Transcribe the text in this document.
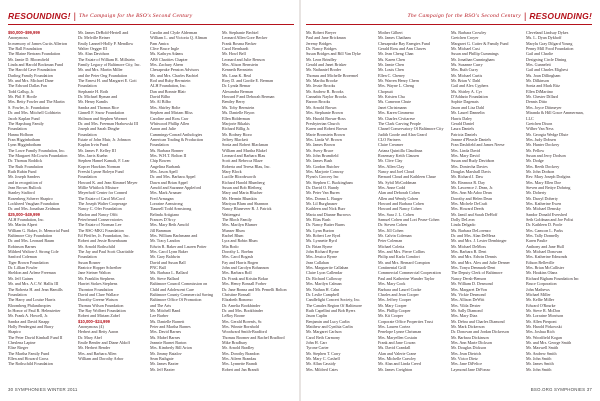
RESOUNDING! | The Campaign for the BSO's Second Century	The Campaign for the BSO's Second Century | RESOUNDING!
$50,000–$99,999
Anonymous
In memory of James Curtis Allerton
The Ball Foundation
The Blaine Bertram Foundation
Mr. Jamie D. Bloomfield
Linda and Harold Bockman Fund
The Harold Cave Foundation
Darling Family Foundation
Mr. and Mrs. Michael Dane
The Edward Dallas Fan
Todd Gallup, Jr.
Mr. Phil F. Horile
Mrs. Betty Fowler and The Martin
S. Fowler, Jr. Foundation
Dr. and Mrs. Mitchell Goldstein
Jacob Kaplan Fund
The Hapsburg Family
Foundation
Hanna Holborn
Fran Higginbotham
Lynn Higginbotham
The Lowe Family Foundation, Inc.
The Margaret McCowin Foundation
Dr. Thomas Roddick
The Ruth Foundation
Ruth Rubin Fund
Mr. Joseph Sanders
and in recognition of
Jean Brown Bullock
Stanley Stafford
Rosenberg Scherer Shapiro
Lockheed Vaughan Foundation
Dr. and Mrs. Jonathan Zeidman
$25,000–$49,999
ALH Foundation, Inc.
Mr. Martin Alpert
William G. Baker, Jr. Memorial Fund
Baltimore City Foundation
Dr. and Mrs. Leonard Baum
Robinson Barnes
Mildred Walton-J. Strong Cole
Sanford Coleman
Tiger Brown Foundation
Dr. Lillian Fowler
Sheldon and Arlene Freeman
Mr. Jeff Gaines
Mr. and Mrs. A.C.W. Hallis III
The Roberta H. and Jean Hamills
Foundation
The Harry and Louise Harris
Bloomberg Philanthropies
In Honor of Paul R. Helmstetter
Mr. Frank A. Howell, Jr.
Sandra and David Knapp
Holly Pendergast and Barry
Shapiro
The Peter David Kimball Fund II
Cheslena Lapine
Elise Rieger
The Martha Family Fund
Ellen and Howard Gross
The Rothschild Foundation
Mr. James DeBold-Hertell and
Dr. Melville Reiner
Emily Lanneff-Holly P. Mendlow
Walter Oegger III
Mr. Alan Davidson
The Estate of William R. Millstein
Family Legacy of Baltimore City, Inc.
Mr. and Mrs. Martin Miller
and the Peter Ong Foundation
The Ernest H. and Margaret E. Gott
Foundation
Stephanie H. Roth
Dr. Michael Ryman and
Mr. Henry Kamlis
Sandra and Thomas Rice
Ginnell F. Snow Foundation
Shilmon and Stephen Wormet
Dr. and Mrs. Freeman Hrabowski III
Joseph and Sarah Dinghe
Foundation
Estate of John Muir, Jr. Johnson
Kaplan Irvin Fund
Mr. James F. Kelley III
Mrs. Jarris Kuehn
Stephen Hamel Kamalt, F. Lear
Kopcer Hawkins Norman
Freeshi Lynne Boleyn Fund
Foundation
Howard K. and Jean Kimmel Meyer
Millie Whitlock Mixture
Meyerhoff Center for Conned
The Estate of Carol McCord
The Joseph Walter Cooperage
Nancy C. Ofer Foundation
Marlon and Nancy Offit
Peterfreund Conservatories
The Estate of Norman Lee
The RSC-MKG Foundation
Ed Pfeiffer, Jr. Foundation, Inc.
Robert and Jessie Rosenbaum
Mr. Arnold Rothschild
The Jay and Paul Scott Charitable
Foundation
Susan Rosner
Beatrice Hopper Schreiber
Jane Steiner Walton
Mr. Franklin Stephens
Harriet Stokes Stephens
Thornton Foundation
David and Clare Wallace
Dorothy Greene Watson
Thomas Wilson Foundation
The Ray Wolbert Foundation
Robert and Miriam Zabel
$10,000–$24,999
Anonymous (4)
Herbert and Betty Aaron
Dr. Mary Abel
Emile Bender and Diane Aldoff
Mr. Herbert Bender
Mrs. and Barbara Allen
William and Dorothy Arbor
Carolin and Clyde Alderman
William L. and Victoria Q. Altman
Pam Amira
Clive Bruce Ingle
Ms. Kathryn Adams
ABS Charities Chapter
Mrs. Zachary Ahern
Chesapeake Pension Advisors
Mr. and Mrs. Charles Bachtel
Rod and Ruby Bernstein
ALH Foundation, Inc.
Dan and Bonnie Blair
David Bilbo
Mr. Al Bilbo
Mrs. Shirley Bolte
Stephen and Miriam Bliss
Caroline and Ross Carr
Whitwood Phillip Allen
Aaron and Julie
Cummings-Conrad Anthologies
American Trading & Production
Foundation
Ms. Barbara Bonner
Mrs. W.H.T. Bolton II
Chip Bowen
Angelina Burbank
Mrs. Jason Apell
Dr. and Mrs. Barbara Appel
Dawn and Brian Appel
Arnold and Suzanne Appleford
Mrs. Mark Arnauer
Fred Armagan
Lorraine Armstrong
Tiaunell Todd Armstrong
Belinda Artigiano
Frances D'Arcy
Mrs. Mary Beth Arnold
Jill Bamman
Mrs. William Bachmann and
Mr. Tracy Landon
Edwin R. Baker and Lauren Potter
Mrs. Carol Lynn Baker
Mr. Gary Baldwin
David and Susan Ball
PNC Ball
Ms. Barbara L. Ballard
Mr. Steve Ballard
Baltimore Council Commission on
Child and Adolescent Care
Baltimore County Commercial Saving
Baltimore Office Of Promotion
and The Arts
Mr. Mitchell Band
Lee Barber
Ms. Danielle Barnett
Peter and Martha Barnes
Mrs. David Barnes
Ms. Mabel Barnes
Jeannie Barnet Barton
Mrs. Kimberly Bill Arton
Mr. Jimmy Batalov
Sean Bathgate
Mr. James Baxter
Mr. Jeff Baxter
Mr. Stephanie Bechtel
Leonard Allen Gore Becker
Frank Bosma Becker
Carol Bernhardt
Mr. Howl Bell
Leonard and Julie Benson
Mrs. Alison Bernstein
Kenneth Bernstein
Ms. Lana K. Beal
Rory D. and Gordie E. Berman
Dr. Lynda Bemar
Alexandra Berman
Howard P and Deborah Berman
Bentley Berry
Ms. Toby Bernstein
Ms. Danielle Bryon
Ellen Bidderman
Marjorie Bikakis
Richard Billig Jr.
Mr. Rodney Bioro
Jeffrey Blackett
Sonia and Robert Blackman
William and Martha Blakel
Leonard and Barbara Blau
Scott and Rebecca Blaze
Roberta and Teresa Blau, Inc.
Mary Block
Lucille Bloodsworth
Richard Harold Blumberg
Susan and Bob Bleiberg
Mary and Maria Blucher
Mr. Hermin Blumkin
Mariyau Blum and Shannon
Nancy Bluneveer R. J. Patrick
Wattengast
The Bloch Family
Mrs. Marilyn Blumer
Munser Blum
Rachel Blum
Lyra and Robin Blum
Mia Bodo
Dorothy L. Boehm
Mrs. Carol Bogash
Fay and Harris Bogen
John and Carolyn Bohannon
Mrs. Barbara Boll
Dr. Frank and Kristin Bokar
Mrs. Henry Bonsall Forber
Dr. Jane Bonna and Mr. Pemelli Bolton
Christine Bonsall
Elizabeth Bonomo
Dr. Amelia Bookbinder
Dr. and Mrs. Bookbinder
LeRoy Boone
Mrs. Gerald Borenfs, Sr.
Mrs. Winnie Bornhold
Woodward Smith-Bradford
Thomas Boomer and Rachel Bradford
Mike Bradbury
Mr. Arnold Bradley
Mrs. Dorothy Brandon
Mrs. Aileen Brandau
Mrs. Lynnette Brandt
Robert and Jan Brandt
Mr. Robert Breyer
Paul and Jane Brickman
Jeremy Bridges
Dr. Nancy Bridges
Susan Bridges and Bill Van Dyke
Mr. Leon Brindley
Gerald and Janet Brisker
Mr. Nathaniel Broder
Thomas and Michelle Broermel
Mr. Martha Brooke
Mr. Jessie Brooks
Mr. Andrew R. Brooks
Cannabis Naylor Brooks
Barron Brooks
Mr. Arnold Brown
Mrs. Stephanie Brown
Mr. Harold Brown-Ross
Presbyterian Church
Karen and Robert Brown
Marie Bronstein Brown
Mrs. Linda W. Brown
Mr. James Brown
Mr. Avery Bruce
Mr. John Brumfield
Mr. James Bush
Mr. Gordon Butcher
Mrs. Marjorie Conway
Flynn's Grocery Inc
Mr. Stephen C. Buckingham
Dr. David O. Bundy
Mr. Peter Van Buren
Mrs. Donna L. Burger
Mr. Lil Burghauser
Kathleen and Nick Burr
Maria and Dianne Burrows
Mr. Elias Bush
Dr. Nancy Butter Burns
Ms. Lynn Burton
Mr. Robert Lee Byrd
Ms. Lynnette Byrd
Dr. Brian Byrne
John Richard Byrne
Mrs. Jessica Byrne
Jean Callahan
Mrs. Marguerite Callahan
Claire Lyon Callendar
Dr. Richard Calloway
Mrs. Marilyn Calman
Mr. Nathan H. Cahn
Dr. Leslie Campbell
Candlelight Concert Society, Inc.
The Canales Region Of Baltimore
Ruth Capellini and Bob Byers
Jason Caplin
Benjamin and Lucy Carlin
Matthew and Cynthia Carlin
Mr. Margaret Carlson
Carol Beth Carmony
John H. Carr
Tyrone Carter
Mr. Stephen T. Carry
Mr. Mary C. Cashell
Mr. Allan Cassidy
Mrs. Mildred Cates
Mother Gilbert
Mr. James Chatham
Chesapeake Bay Energies Fund
Gerald Ross and Ann Chaves
Mr. Jean Cheng Chan
Ms. Karen Chen
Mr. Jamie Chen
Mr. Louis Chen
Ellen C. Cheney
Mr. Warren Henry Chern
Mrs. Wayne L. Cheng
Chopsuit
Mr. Kristen Chu
Ms. Cameron Chute
Janet Christmann
Mrs. Karen Cimmeno
Mr. Charles Civitarese
The Clark Carving People
Chanel Conservatory Of Baltimore City
Judith Goode and Alan Geard
CLO Partners
Claire Creamer
Ariana Quintilla Claudinaz
Rosemary Keith Clausen
Mr. Clive Clay
Mrs. Allen Clay
Nancy and Joel Cloud
Bernard Cloud and Kathleen Chase
Ms. Sybil McCoddman
Mrs. Anne Codd
Alan and Deborah Cohen
Allen and Wendy Cohen
Howard and Barbara Cohen
Howard and Nancy Cohen
Mrs. Sara J. L. Cohen
Samuel Cohen and Lori Pease-Cohen
Dr. Steven Cohen
Mrs. Jill Cohen
Mr. Calvin Coleman
Peter Coleman
Michael Coletta
Mrs. and Mrs. Pierre Collins
Philip and Karla Comfort
Mr. and Mrs. Bernard Compton
Continental Grill
Commercial Commercial Cooperation
Paul and Katherine Wander Taylor
Mrs. Mary Cook
Barbara and Laurel Cooke
Charles and Jean Cooper
Mrs. Jeffrey Cooper
Mr. Mary Cooper
Mrs. Phillip Cooper
Mr. Kit Cooper
Corporate Office Properties Trust
Mrs. Lauren Cortez
Penelope Lynne Chrisman
Mrs. Maryellen Costain
Frank and Jane Cowan
Ms. David Crandall
Alan and Valerie Crane
Mrs. Michelle Crawley
Mr. Alan and Linda Creed
Mr. James Creighton
Ms. Barbara Crowley
Gretchen Croyer
Margaret G. Cutter & Family Fund
Mr. Michael Cusi
Susan and Phillip Cummings
Mr. Jonathan Cunningham
Ms. Suzanne Curry
Mrs. Ruth Curry
Mr. Michael Curtis
Mr. Brian V. Dahl
Gail and Alex Cyphers
Ms. Shirley A. Cyr
D'Addario Foundation
Sophie Dagenais
Jason and Lisa Dahl
Mr. Laurel Dannelin
Harris Daley
Gerald Daniel
Laura Daniels
Patricia Daniels
Jeanne d'Pleasle Daniels
Fran Dashfield and James Neese
Mrs. Linda David
Mrs. Mary David
Susan and Rudy Davidson
Mrs. Doniecha Davies
Douglas Marshall Davis
Mr. Richard J. Daw
Mr. Eleanora R. Day
Mr. Lawrence J. Dean, Jr.
Mrs. Ann McAdoo Dean
Dorothy and Helen Dean
Mrs. Michele DeCraft
Mrs. Howard Deeds
Mr. Jamil and Sarah DeHoff
Dolly DeLeon
Linda Delgado
Ms. Barbara DeLorenzo
Dr. and Mrs. Alan DeMeza
Mr. and Mrs. J. Lester Dembinger
Mr. Michael DeMoss
Mrs. Barbara B. Dent
Mr. and Mrs. Edwin Dennis
Mr. and Mrs. Alex and Julie Denner
Mrs. Tonya Denmark-Dent
The Deputy Clerk of Baltimore
Nancy Dersh-Benson
Mr. William D. Desmond
Mrs. Margaret DeVon
Ms. Vickie Desmond
Mrs. Allison DeWitt
Mrs. Vilda Dexter
Mr. Sally Diamond
Mrs. Mary Diaz
Mr. Debra and Charles Diamond
Mr. Mark Dickerson
Dr. Donovan and Jordan Dickerson
Mr. Barbara Dickinson
Mrs. Ann Marie Dickson
Mr. Douglas Dickson
Mrs. Jean Dietrich
Mr. Victor Dietz
Mrs. Jane DiFelice
Laymond Jane DiFonzo
Cleveland Lindsay Dykes
Ms. L. Dyan Dykhoff
Marylu Gray Dilgard Young
Penny Mill Food Foundation
Gail and Charlie
Designing Circle Dining
Mrs. Gunneleit
Gail and Charles Elighest
Ms. Joan Dillingham
Mr. Dilkinson
Sonia and Mark Ritz
Ellen DiMartino
Mr. Chester Dillard
Dennis Ditto
Mrs. Joyce Dittmeyer
Miranda & Hill Grace Ammerman,
LLC
Gretchen Dixon
Wilber Van Ness
Mr. Georgia Wedge Dlute
Mrs. Judy Dobsen
Mr. Hunter Dockery
Mr. Fellow
Susan and Jerry Dodson
Mr. Dodge
Mrs. Reeth Dockery
Mr. John Dodson
Rev. Mary Joseph Dodgins
Mrs. Mary Ellen Doe
Steven and Bettye Dohring
Mr. Doherty
Mr. Darryl Doherty
Mrs. Katherine Ewen
Mr. Michael Demsky
Sandor Donald Evershed
Seth Goldman and Joe Polisi
Dr. Kathleen D. Poole
Mrs. Camcon L. Parks
Mrs. Tally Donnelly
Karen Paulie
Anthony and Jane Hull
Mr. Michael Donovan
Mrs. Katherine Edmonds
Edison Belleville
Mrs. Brian McCallister
Mr. Hoakins Olanz
Richard Bigham Foundation Inc
Bruce Corporation
John Mathews
Michael Miller
Mr. Kellie Miller
Edward O'Rourke
Mr. Steve R. McDon
Mr. Lorraine Morrison
Mr. Allen Pierpont
Mr. Harold Pirkowski
Mrs. Joshua Rich
Mr. Woodfield Kogan
Mr. and Mrs. George Smith
Mr. Maxwell Smith
Mr. Andrew Smith
Mr. John Smith
Mr. James Smith
Mr. John Smith
30 SYMPHONIES WINTER 2011	BSO.ORG SYMPHONIES 37
